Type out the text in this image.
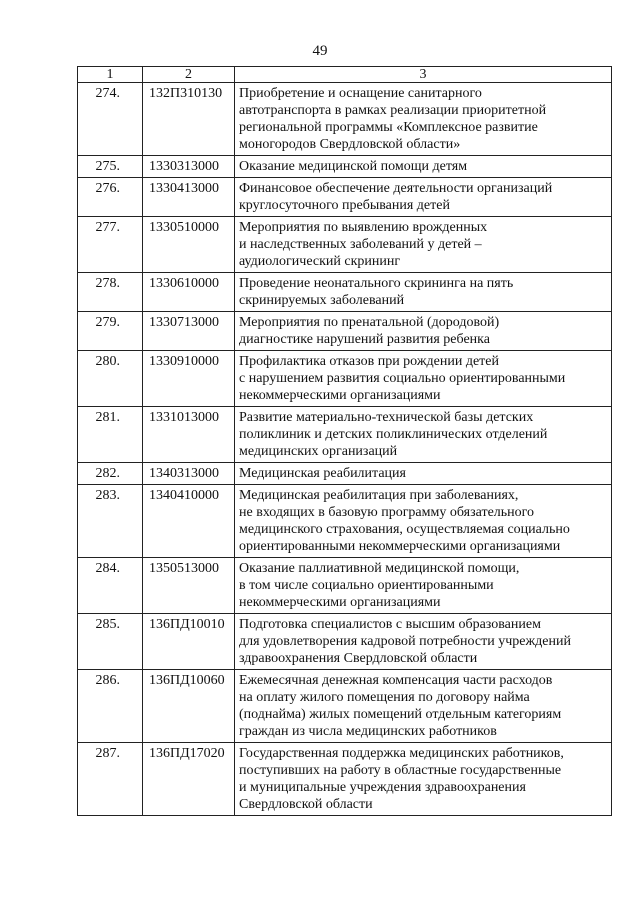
49
1	2	3
274.	132П310130	Приобретение и оснащение санитарного
автотранспорта в рамках реализации приоритетной
региональной программы «Комплексное развитие
моногородов Свердловской области»
275.	1330313000	Оказание медицинской помощи детям
276.	1330413000	Финансовое обеспечение деятельности организаций
круглосуточного пребывания детей
277.	1330510000	Мероприятия по выявлению врожденных
и наследственных заболеваний у детей –
аудиологический скрининг
278.	1330610000	Проведение неонатального скрининга на пять
скринируемых заболеваний
279.	1330713000	Мероприятия по пренатальной (дородовой)
диагностике нарушений развития ребенка
280.	1330910000	Профилактика отказов при рождении детей
с нарушением развития социально ориентированными
некоммерческими организациями
281.	1331013000	Развитие материально-технической базы детских
поликлиник и детских поликлинических отделений
медицинских организаций
282.	1340313000	Медицинская реабилитация
283.	1340410000	Медицинская реабилитация при заболеваниях,
не входящих в базовую программу обязательного
медицинского страхования, осуществляемая социально
ориентированными некоммерческими организациями
284.	1350513000	Оказание паллиативной медицинской помощи,
в том числе социально ориентированными
некоммерческими организациями
285.	136ПД10010	Подготовка специалистов с высшим образованием
для удовлетворения кадровой потребности учреждений
здравоохранения Свердловской области
286.	136ПД10060	Ежемесячная денежная компенсация части расходов
на оплату жилого помещения по договору найма
(поднайма) жилых помещений отдельным категориям
граждан из числа медицинских работников
287.	136ПД17020	Государственная поддержка медицинских работников,
поступивших на работу в областные государственные
и муниципальные учреждения здравоохранения
Свердловской области
